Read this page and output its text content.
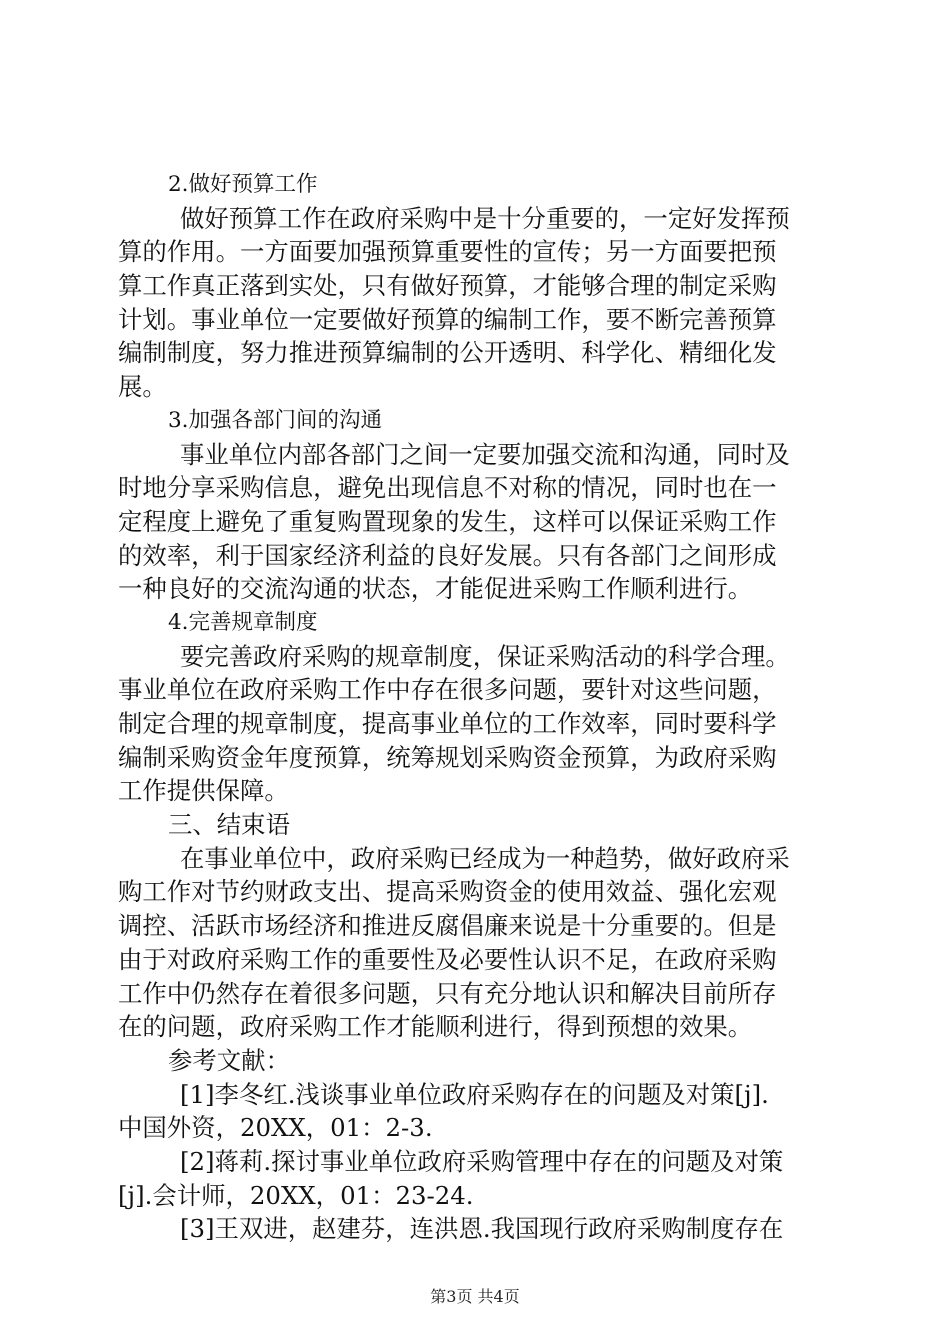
2.做好预算工作
做好预算工作在政府采购中是十分重要的，一定好发挥预
算的作用。一方面要加强预算重要性的宣传；另一方面要把预
算工作真正落到实处，只有做好预算，才能够合理的制定采购
计划。事业单位一定要做好预算的编制工作，要不断完善预算
编制制度，努力推进预算编制的公开透明、科学化、精细化发
展。
3.加强各部门间的沟通
事业单位内部各部门之间一定要加强交流和沟通，同时及
时地分享采购信息，避免出现信息不对称的情况，同时也在一
定程度上避免了重复购置现象的发生，这样可以保证采购工作
的效率，利于国家经济利益的良好发展。只有各部门之间形成
一种良好的交流沟通的状态，才能促进采购工作顺利进行。
4.完善规章制度
要完善政府采购的规章制度，保证采购活动的科学合理。
事业单位在政府采购工作中存在很多问题，要针对这些问题，
制定合理的规章制度，提高事业单位的工作效率，同时要科学
编制采购资金年度预算，统筹规划采购资金预算，为政府采购
工作提供保障。
三、结束语
在事业单位中，政府采购已经成为一种趋势，做好政府采
购工作对节约财政支出、提高采购资金的使用效益、强化宏观
调控、活跃市场经济和推进反腐倡廉来说是十分重要的。但是
由于对政府采购工作的重要性及必要性认识不足，在政府采购
工作中仍然存在着很多问题，只有充分地认识和解决目前所存
在的问题，政府采购工作才能顺利进行，得到预想的效果。
参考文献：
[1]李冬红.浅谈事业单位政府采购存在的问题及对策[j].
中国外资，20XX，01：2-3.
[2]蒋莉.探讨事业单位政府采购管理中存在的问题及对策
[j].会计师，20XX，01：23-24.
[3]王双进，赵建芬，连洪恩.我国现行政府采购制度存在
第3页 共4页
